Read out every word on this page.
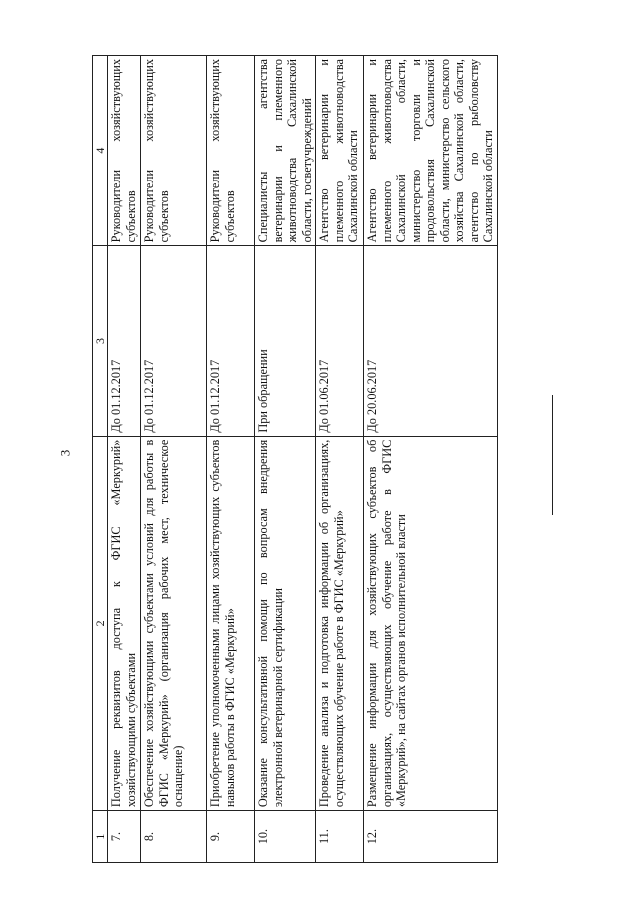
3
1	2	3	4
7.	Получение реквизитов доступа к ФГИС «Меркурий» хозяйствующими субъектами	До 01.12.2017	Руководители хозяйствующих субъектов
8.	Обеспечение хозяйствующими субъектами условий для работы в ФГИС «Меркурий» (организация рабочих мест, техническое оснащение)	До 01.12.2017	Руководители хозяйствующих субъектов
9.	Приобретение уполномоченными лицами хозяйствующих субъектов навыков работы в ФГИС «Меркурий»	До 01.12.2017	Руководители хозяйствующих субъектов
10.	Оказание консультативной помощи по вопросам внедрения электронной ветеринарной сертификации	При обращении	Специалисты агентства ветеринарии и племенного животноводства Сахалинской области, госветучреждений
11.	Проведение анализа и подготовка информации об организациях, осуществляющих обучение работе в ФГИС «Меркурий»	До 01.06.2017	Агентство ветеринарии и племенного животноводства Сахалинской области
12.	Размещение информации для хозяйствующих субъектов об организациях, осуществляющих обучение работе в ФГИС «Меркурий», на сайтах органов исполнительной власти	До 20.06.2017	Агентство ветеринарии и племенного животноводства Сахалинской области, министерство торговли и продовольствия Сахалинской области, министерство сельского хозяйства Сахалинской области, агентство по рыболовству Сахалинской области
